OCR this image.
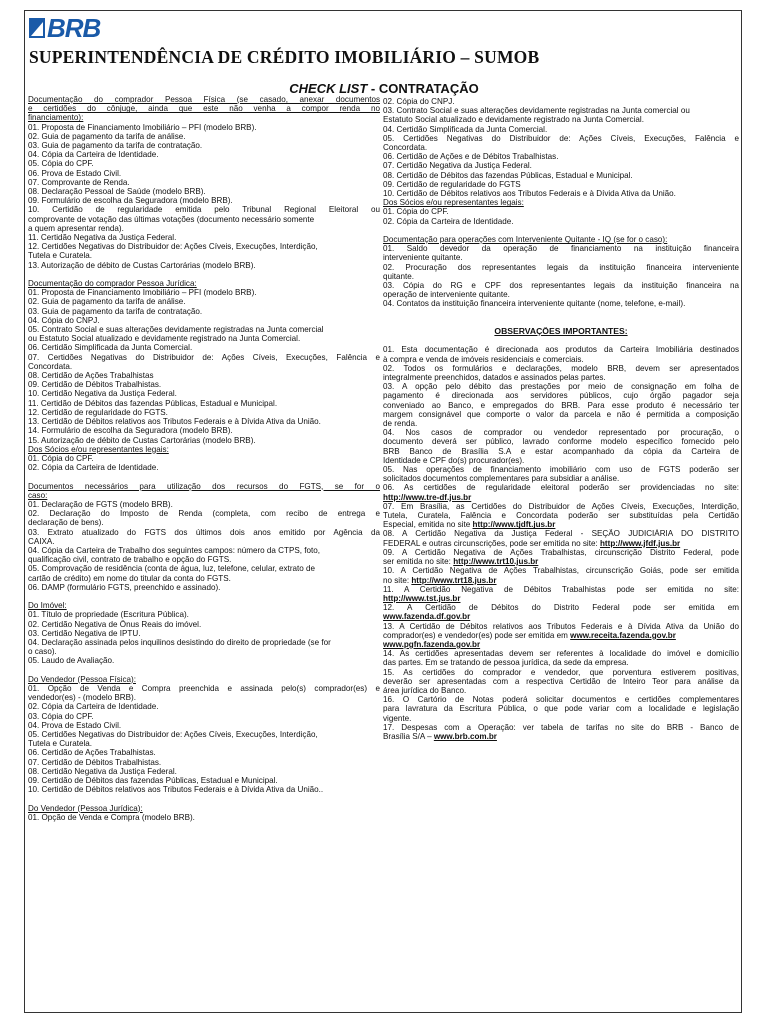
BRB
SUPERINTENDÊNCIA DE CRÉDITO IMOBILIÁRIO – SUMOB
CHECK LIST - CONTRATAÇÃO
Documentação do comprador Pessoa Física (se casado, anexar documentos
e certidões do cônjuge, ainda que este não venha a compor renda no
financiamento):
01. Proposta de Financiamento Imobiliário – PFI (modelo BRB).
02. Guia de pagamento da tarifa de análise.
03. Guia de pagamento da tarifa de contratação.
04. Cópia da Carteira de Identidade.
05. Cópia do CPF.
06. Prova de Estado Civil.
07. Comprovante de Renda.
08. Declaração Pessoal de Saúde (modelo BRB).
09. Formulário de escolha da Seguradora (modelo BRB).
10. Certidão de regularidade emitida pelo Tribunal Regional Eleitoral ou
comprovante de votação das últimas votações (documento necessário somente
a quem apresentar renda).
11. Certidão Negativa da Justiça Federal.
12. Certidões Negativas do Distribuidor de: Ações Cíveis, Execuções, Interdição,
Tutela e Curatela.
13. Autorização de débito de Custas Cartorárias (modelo BRB).
Documentação do comprador Pessoa Jurídica:
01. Proposta de Financiamento Imobiliário – PFI (modelo BRB).
02. Guia de pagamento da tarifa de análise.
03. Guia de pagamento da tarifa de contratação.
04. Cópia do CNPJ.
05. Contrato Social e suas alterações devidamente registradas na Junta comercial
ou Estatuto Social atualizado e devidamente registrado na Junta Comercial.
06. Certidão Simplificada da Junta Comercial.
07. Certidões Negativas do Distribuidor de: Ações Cíveis, Execuções, Falência e
Concordata.
08. Certidão de Ações Trabalhistas
09. Certidão de Débitos Trabalhistas.
10. Certidão Negativa da Justiça Federal.
11. Certidão de Débitos das fazendas Públicas, Estadual e Municipal.
12. Certidão de regularidade do FGTS.
13. Certidão de Débitos relativos aos Tributos Federais e à Dívida Ativa da União.
14. Formulário de escolha da Seguradora (modelo BRB).
15. Autorização de débito de Custas Cartorárias (modelo BRB).
Dos Sócios e/ou representantes legais:
01. Cópia do CPF.
02. Cópia da Carteira de Identidade.
Documentos necessários para utilização dos recursos do FGTS, se for o
caso:
01. Declaração de FGTS (modelo BRB).
02. Declaração do Imposto de Renda (completa, com recibo de entrega e
declaração de bens).
03. Extrato atualizado do FGTS dos últimos dois anos emitido por Agência da
CAIXA.
04. Cópia da Carteira de Trabalho dos seguintes campos: número da CTPS, foto,
qualificação civil, contrato de trabalho e opção do FGTS.
05. Comprovação de residência (conta de água, luz, telefone, celular, extrato de
cartão de crédito) em nome do titular da conta do FGTS.
06. DAMP (formulário FGTS, preenchido e assinado).
Do Imóvel:
01. Título de propriedade (Escritura Pública).
02. Certidão Negativa de Ônus Reais do imóvel.
03. Certidão Negativa de IPTU.
04. Declaração assinada pelos inquilinos desistindo do direito de propriedade (se for
o caso).
05. Laudo de Avaliação.
Do Vendedor (Pessoa Física):
01. Opção de Venda e Compra preenchida e assinada pelo(s) comprador(es) e
vendedor(es) - (modelo BRB).
02. Cópia da Carteira de Identidade.
03. Cópia do CPF.
04. Prova de Estado Civil.
05. Certidões Negativas do Distribuidor de: Ações Cíveis, Execuções, Interdição,
Tutela e Curatela.
06. Certidão de Ações Trabalhistas.
07. Certidão de Débitos Trabalhistas.
08. Certidão Negativa da Justiça Federal.
09. Certidão de Débitos das fazendas Públicas, Estadual e Municipal.
10. Certidão de Débitos relativos aos Tributos Federais e à Dívida Ativa da União..
Do Vendedor (Pessoa Jurídica):
01. Opção de Venda e Compra (modelo BRB).
02. Cópia do CNPJ.
03. Contrato Social e suas alterações devidamente registradas na Junta comercial ou
Estatuto Social atualizado e devidamente registrado na Junta Comercial.
04. Certidão Simplificada da Junta Comercial.
05. Certidões Negativas do Distribuidor de: Ações Cíveis, Execuções, Falência e
Concordata.
06. Certidão de Ações e de Débitos Trabalhistas.
07. Certidão Negativa da Justiça Federal.
08. Certidão de Débitos das fazendas Públicas, Estadual e Municipal.
09. Certidão de regularidade do FGTS
10. Certidão de Débitos relativos aos Tributos Federais e à Dívida Ativa da União.
Dos Sócios e/ou representantes legais:
01. Cópia do CPF.
02. Cópia da Carteira de Identidade.
Documentação para operações com Interveniente Quitante - IQ (se for o caso):
01. Saldo devedor da operação de financiamento na instituição financeira
interveniente quitante.
02. Procuração dos representantes legais da instituição financeira interveniente
quitante.
03. Cópia do RG e CPF dos representantes legais da instituição financeira na
operação de interveniente quitante.
04. Contatos da instituição financeira interveniente quitante (nome, telefone, e-mail).
OBSERVAÇÕES IMPORTANTES:
01. Esta documentação é direcionada aos produtos da Carteira Imobiliária destinados
à compra e venda de imóveis residenciais e comerciais.
02. Todos os formulários e declarações, modelo BRB, devem ser apresentados
integralmente preenchidos, datados e assinados pelas partes.
03. A opção pelo débito das prestações por meio de consignação em folha de
pagamento é direcionada aos servidores públicos, cujo órgão pagador seja
conveniado ao Banco, e empregados do BRB. Para esse produto é necessário ter
margem consignável que comporte o valor da parcela e não é permitida a composição
de renda.
04. Nos casos de comprador ou vendedor representado por procuração, o
documento deverá ser público, lavrado conforme modelo específico fornecido pelo
BRB Banco de Brasília S.A e estar acompanhado da cópia da Carteira de
Identidade e CPF do(s) procurador(es).
05. Nas operações de financiamento imobiliário com uso de FGTS poderão ser
solicitados documentos complementares para subsidiar a análise.
06. As certidões de regularidade eleitoral poderão ser providenciadas no site:
http://www.tre-df.jus.br
07. Em Brasília, as Certidões do Distribuidor de Ações Cíveis, Execuções, Interdição,
Tutela, Curatela, Falência e Concordata poderão ser substituídas pela Certidão
Especial, emitida no site http://www.tjdft.jus.br
08. A Certidão Negativa da Justiça Federal - SEÇÃO JUDICIÁRIA DO DISTRITO
FEDERAL e outras circunscrições, pode ser emitida no site: http://www.jfdf.jus.br
09. A Certidão Negativa de Ações Trabalhistas, circunscrição Distrito Federal, pode
ser emitida no site: http://www.trt10.jus.br
10. A Certidão Negativa de Ações Trabalhistas, circunscrição Goiás, pode ser emitida
no site: http://www.trt18.jus.br
11. A Certidão Negativa de Débitos Trabalhistas pode ser emitida no site:
http://www.tst.jus.br
12. A Certidão de Débitos do Distrito Federal pode ser emitida em
www.fazenda.df.gov.br
13. A Certidão de Débitos relativos aos Tributos Federais e à Dívida Ativa da União do
comprador(es) e vendedor(es) pode ser emitida em www.receita.fazenda.gov.br
www.pgfn.fazenda.gov.br
14. As certidões apresentadas devem ser referentes à localidade do imóvel e domicílio
das partes. Em se tratando de pessoa jurídica, da sede da empresa.
15. As certidões do comprador e vendedor, que porventura estiverem positivas,
deverão ser apresentadas com a respectiva Certidão de Inteiro Teor para análise da
área jurídica do Banco.
16. O Cartório de Notas poderá solicitar documentos e certidões complementares
para lavratura da Escritura Pública, o que pode variar com a localidade e legislação
vigente.
17. Despesas com a Operação: ver tabela de tarifas no site do BRB - Banco de
Brasília S/A – www.brb.com.br
